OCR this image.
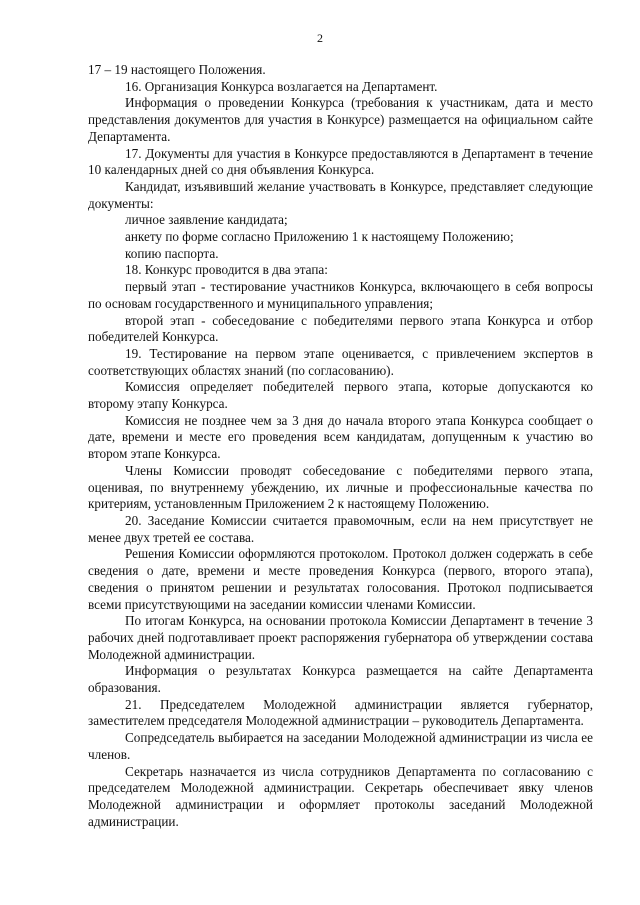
2

17 – 19 настоящего Положения.

16. Организация Конкурса возлагается на Департамент.

Информация о проведении Конкурса (требования к участникам, дата и место представления документов для участия в Конкурсе) размещается на официальном сайте Департамента.

17. Документы для участия в Конкурсе предоставляются в Департамент в течение 10 календарных дней со дня объявления Конкурса.

Кандидат, изъявивший желание участвовать в Конкурсе, представляет следующие документы:

личное заявление кандидата;

анкету по форме согласно Приложению 1 к настоящему Положению;

копию паспорта.

18. Конкурс проводится в два этапа:

первый этап - тестирование участников Конкурса, включающего в себя вопросы по основам государственного и муниципального управления;

второй этап - собеседование с победителями первого этапа Конкурса и отбор победителей Конкурса.

19. Тестирование на первом этапе оценивается, с привлечением экспертов в соответствующих областях знаний (по согласованию).

Комиссия определяет победителей первого этапа, которые допускаются ко второму этапу Конкурса.

Комиссия не позднее чем за 3 дня до начала второго этапа Конкурса сообщает о дате, времени и месте его проведения всем кандидатам, допущенным к участию во втором этапе Конкурса.

Члены Комиссии проводят собеседование с победителями первого этапа, оценивая, по внутреннему убеждению, их личные и профессиональные качества по критериям, установленным Приложением 2 к настоящему Положению.

20. Заседание Комиссии считается правомочным, если на нем присутствует не менее двух третей ее состава.

Решения Комиссии оформляются протоколом. Протокол должен содержать в себе сведения о дате, времени и месте проведения Конкурса (первого, второго этапа), сведения о принятом решении и результатах голосования. Протокол подписывается всеми присутствующими на заседании комиссии членами Комиссии.

По итогам Конкурса, на основании протокола Комиссии Департамент в течение 3 рабочих дней подготавливает проект распоряжения губернатора об утверждении состава Молодежной администрации.

Информация о результатах Конкурса размещается на сайте Департамента образования.

21. Председателем Молодежной администрации является губернатор, заместителем председателя Молодежной администрации – руководитель Департамента.

Сопредседатель выбирается на заседании Молодежной администрации из числа ее членов.

Секретарь назначается из числа сотрудников Департамента по согласованию с председателем Молодежной администрации. Секретарь обеспечивает явку членов Молодежной администрации и оформляет протоколы заседаний Молодежной администрации.
